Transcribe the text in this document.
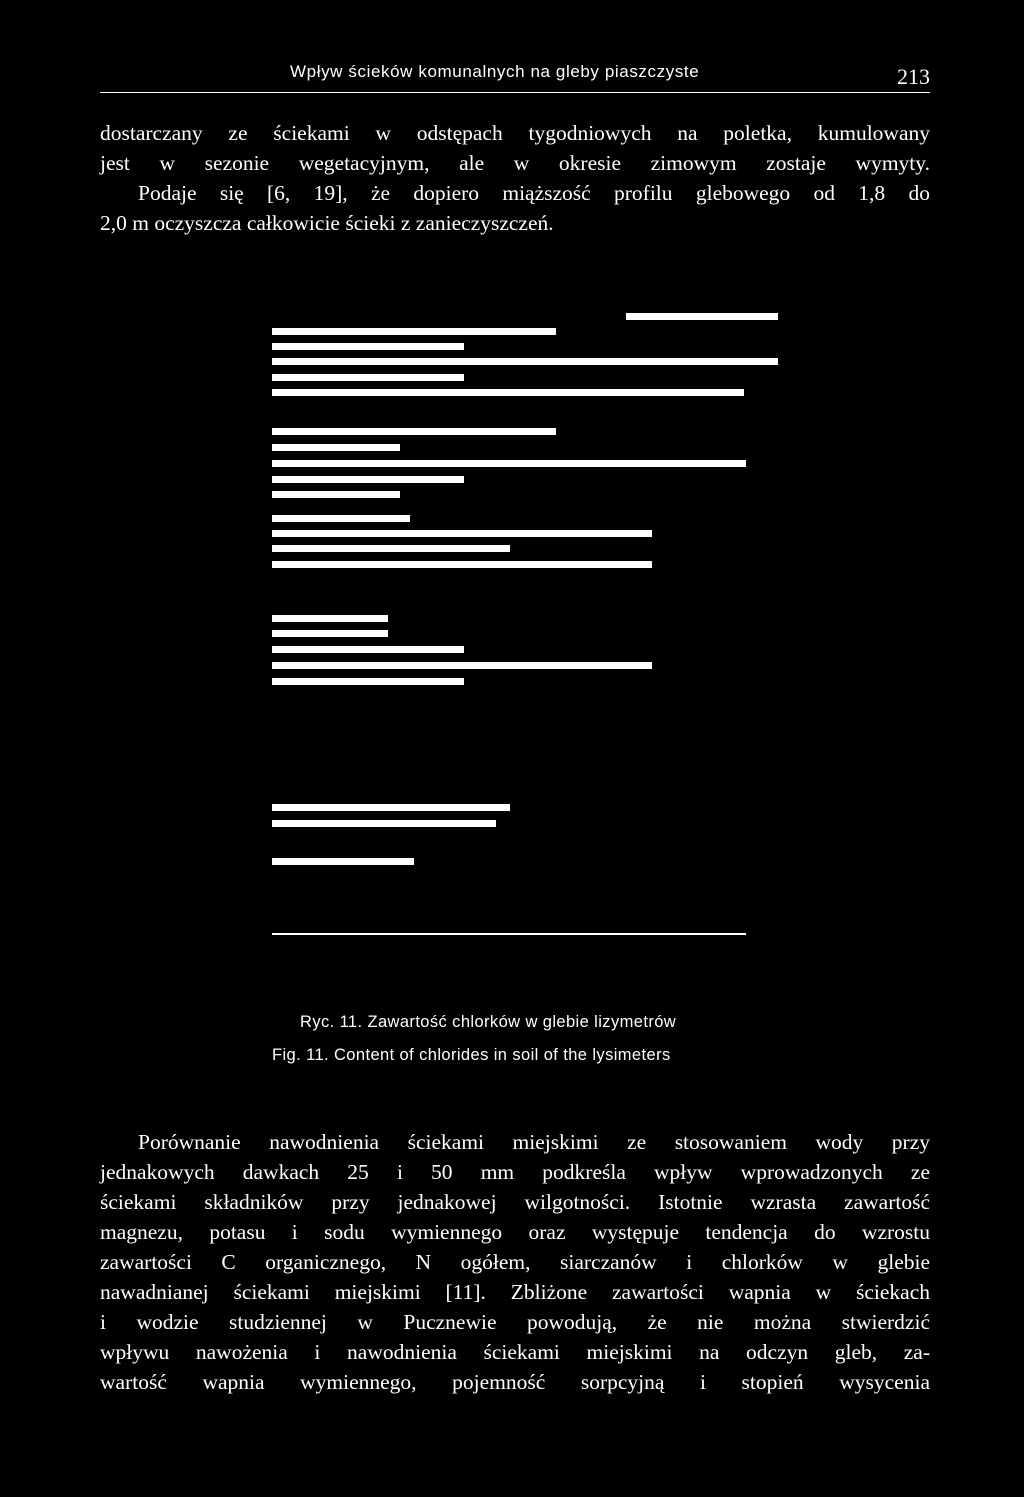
Wpływ ścieków komunalnych na gleby piaszczyste	213
dostarczany ze ściekami w odstępach tygodniowych na poletka, kumulowany
jest w sezonie wegetacyjnym, ale w okresie zimowym zostaje wymyty.
Podaje się [6, 19], że dopiero miąższość profilu glebowego od 1,8 do
2,0 m oczyszcza całkowicie ścieki z zanieczyszczeń.
Ryc. 11. Zawartość chlorków w glebie lizymetrów
Fig. 11. Content of chlorides in soil of the lysimeters
Porównanie nawodnienia ściekami miejskimi ze stosowaniem wody przy
jednakowych dawkach 25 i 50 mm podkreśla wpływ wprowadzonych ze
ściekami składników przy jednakowej wilgotności. Istotnie wzrasta zawartość
magnezu, potasu i sodu wymiennego oraz występuje tendencja do wzrostu
zawartości C organicznego, N ogółem, siarczanów i chlorków w glebie
nawadnianej ściekami miejskimi [11]. Zbliżone zawartości wapnia w ściekach
i wodzie studziennej w Pucznewie powodują, że nie można stwierdzić
wpływu nawożenia i nawodnienia ściekami miejskimi na odczyn gleb, za-
wartość wapnia wymiennego, pojemność sorpcyjną i stopień wysycenia
